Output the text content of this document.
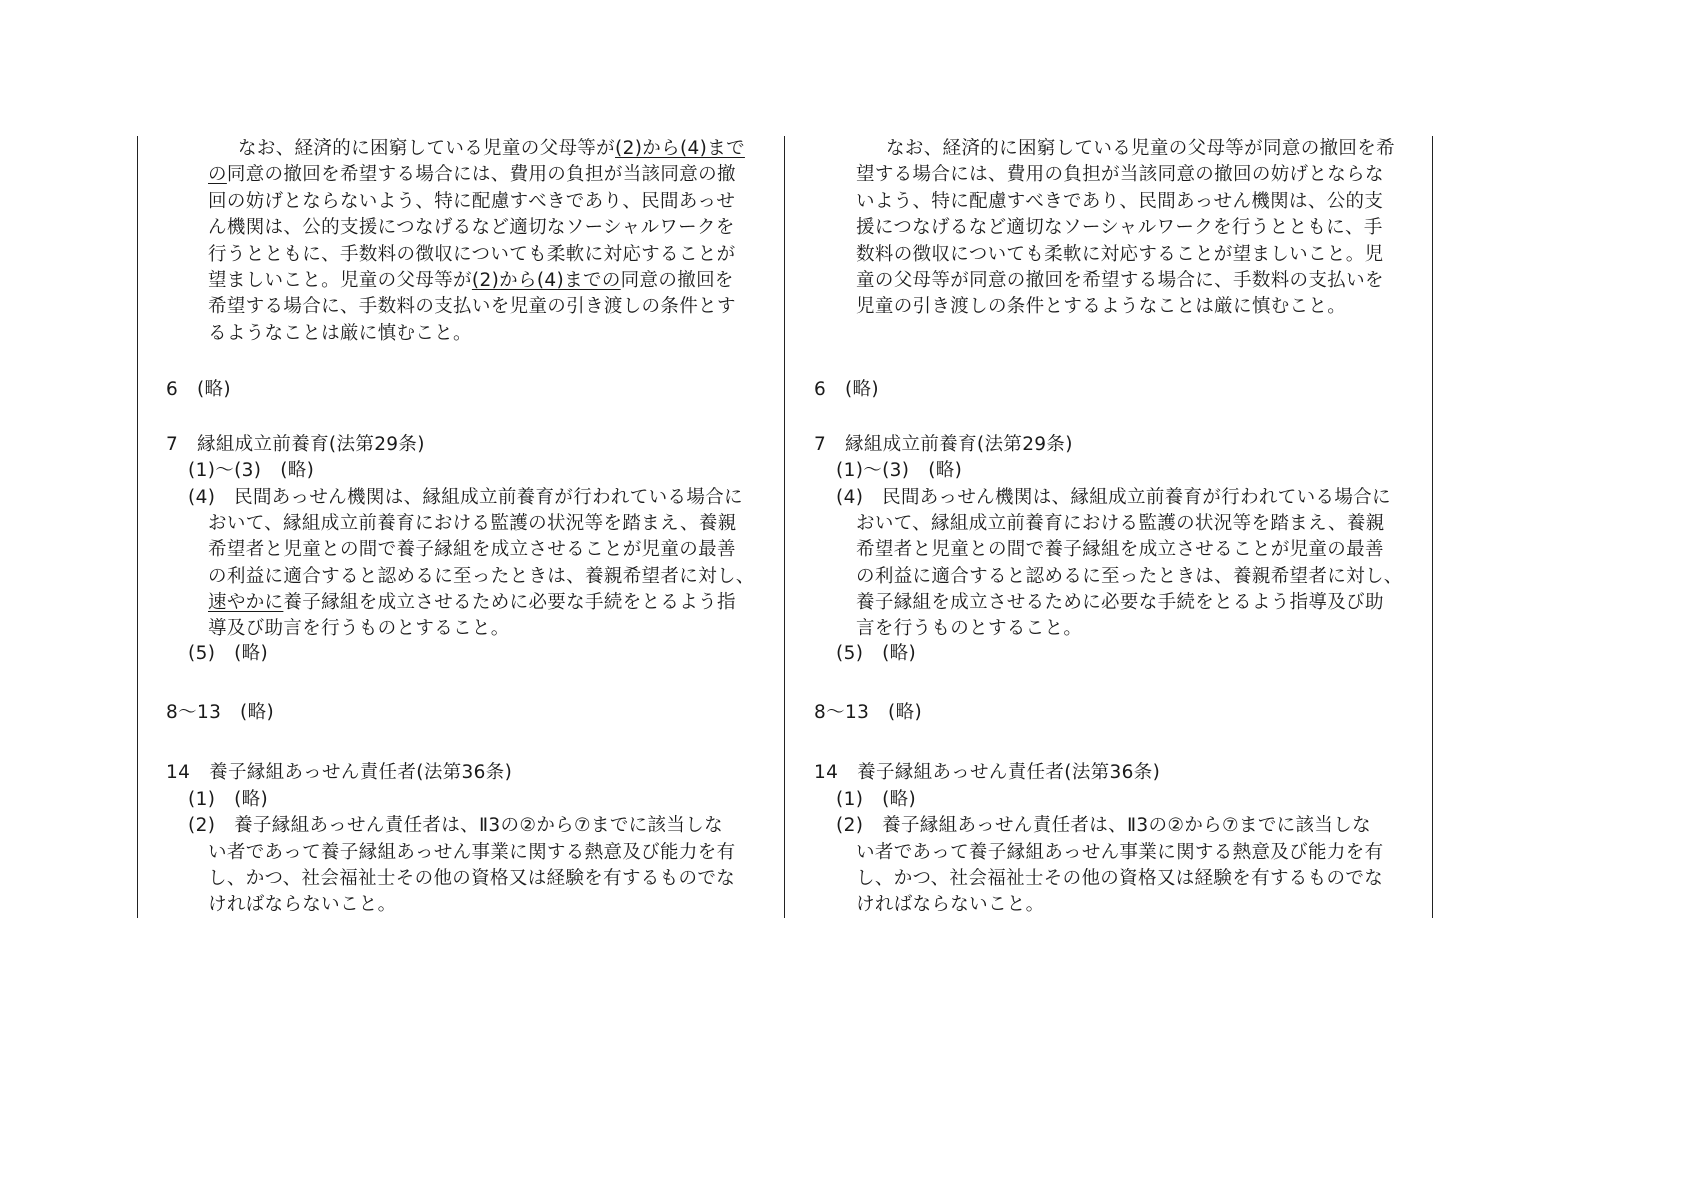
なお、経済的に困窮している児童の父母等が(2)から(4)まで
の同意の撤回を希望する場合には、費用の負担が当該同意の撤
回の妨げとならないよう、特に配慮すべきであり、民間あっせ
ん機関は、公的支援につなげるなど適切なソーシャルワークを
行うとともに、手数料の徴収についても柔軟に対応することが
望ましいこと。児童の父母等が(2)から(4)までの同意の撤回を
希望する場合に、手数料の支払いを児童の引き渡しの条件とす
るようなことは厳に慎むこと。
6　(略)
7　縁組成立前養育(法第29条)
(1)～(3)　(略)
(4)　民間あっせん機関は、縁組成立前養育が行われている場合に
おいて、縁組成立前養育における監護の状況等を踏まえ、養親
希望者と児童との間で養子縁組を成立させることが児童の最善
の利益に適合すると認めるに至ったときは、養親希望者に対し、
速やかに養子縁組を成立させるために必要な手続をとるよう指
導及び助言を行うものとすること。
(5)　(略)
8～13　(略)
14　養子縁組あっせん責任者(法第36条)
(1)　(略)
(2)　養子縁組あっせん責任者は、Ⅱ3の②から⑦までに該当しな
い者であって養子縁組あっせん事業に関する熱意及び能力を有
し、かつ、社会福祉士その他の資格又は経験を有するものでな
ければならないこと。
なお、経済的に困窮している児童の父母等が同意の撤回を希
望する場合には、費用の負担が当該同意の撤回の妨げとならな
いよう、特に配慮すべきであり、民間あっせん機関は、公的支
援につなげるなど適切なソーシャルワークを行うとともに、手
数料の徴収についても柔軟に対応することが望ましいこと。児
童の父母等が同意の撤回を希望する場合に、手数料の支払いを
児童の引き渡しの条件とするようなことは厳に慎むこと。
6　(略)
7　縁組成立前養育(法第29条)
(1)～(3)　(略)
(4)　民間あっせん機関は、縁組成立前養育が行われている場合に
おいて、縁組成立前養育における監護の状況等を踏まえ、養親
希望者と児童との間で養子縁組を成立させることが児童の最善
の利益に適合すると認めるに至ったときは、養親希望者に対し、
養子縁組を成立させるために必要な手続をとるよう指導及び助
言を行うものとすること。
(5)　(略)
8～13　(略)
14　養子縁組あっせん責任者(法第36条)
(1)　(略)
(2)　養子縁組あっせん責任者は、Ⅱ3の②から⑦までに該当しな
い者であって養子縁組あっせん事業に関する熱意及び能力を有
し、かつ、社会福祉士その他の資格又は経験を有するものでな
ければならないこと。
